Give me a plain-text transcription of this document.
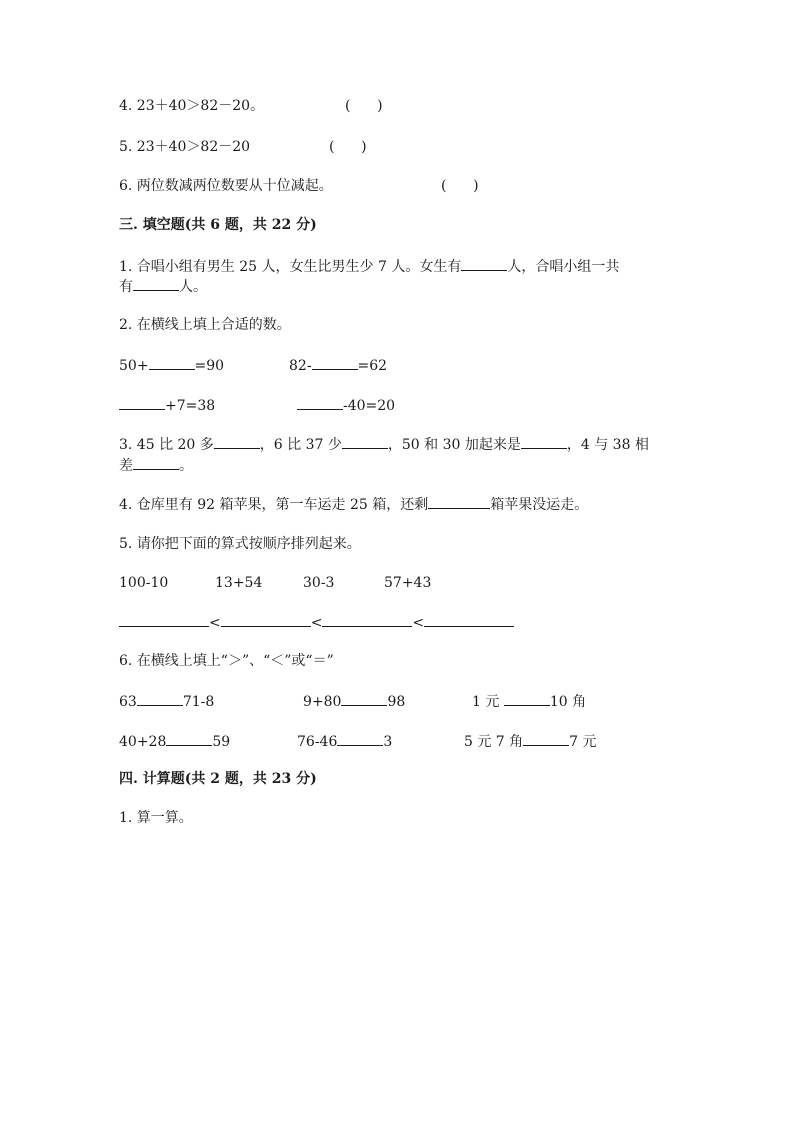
4. 23＋40＞82－20。	(      )
5. 23＋40＞82－20	(      )
6. 两位数减两位数要从十位减起。	(      )
三. 填空题(共 6 题，共 22 分)
1. 合唱小组有男生 25 人，女生比男生少 7 人。女生有	人，合唱小组一共
有	人。
2. 在横线上填上合适的数。
50+	=90	82-	=62
+7=38	-40=20
3. 45 比 20 多	，6 比 37 少	，50 和 30 加起来是	，4 与 38 相
差	。
4. 仓库里有 92 箱苹果，第一车运走 25 箱，还剩	箱苹果没运走。
5. 请你把下面的算式按顺序排列起来。
100-10	13+54	30-3	57+43
<	<	<
6. 在横线上填上“＞”、“＜”或“＝”
63	71-8	9+80	98	1 元	10 角
40+28	59	76-46	3	5 元 7 角	7 元
四. 计算题(共 2 题，共 23 分)
1. 算一算。
